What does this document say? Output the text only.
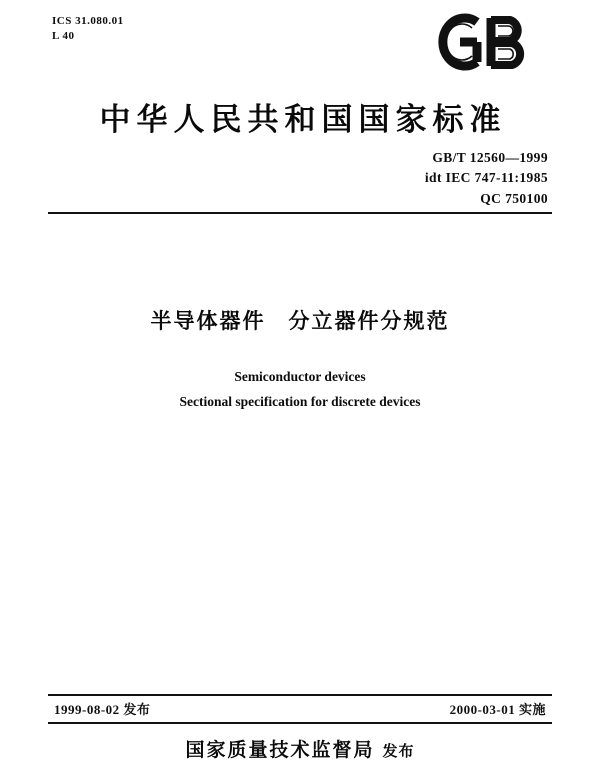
ICS 31.080.01
L 40
中华人民共和国国家标准
GB/T 12560—1999
idt IEC 747-11:1985
QC 750100
半导体器件　分立器件分规范
Semiconductor devices
Sectional specification for discrete devices
1999-08-02 发布	2000-03-01 实施
国家质量技术监督局 发布
